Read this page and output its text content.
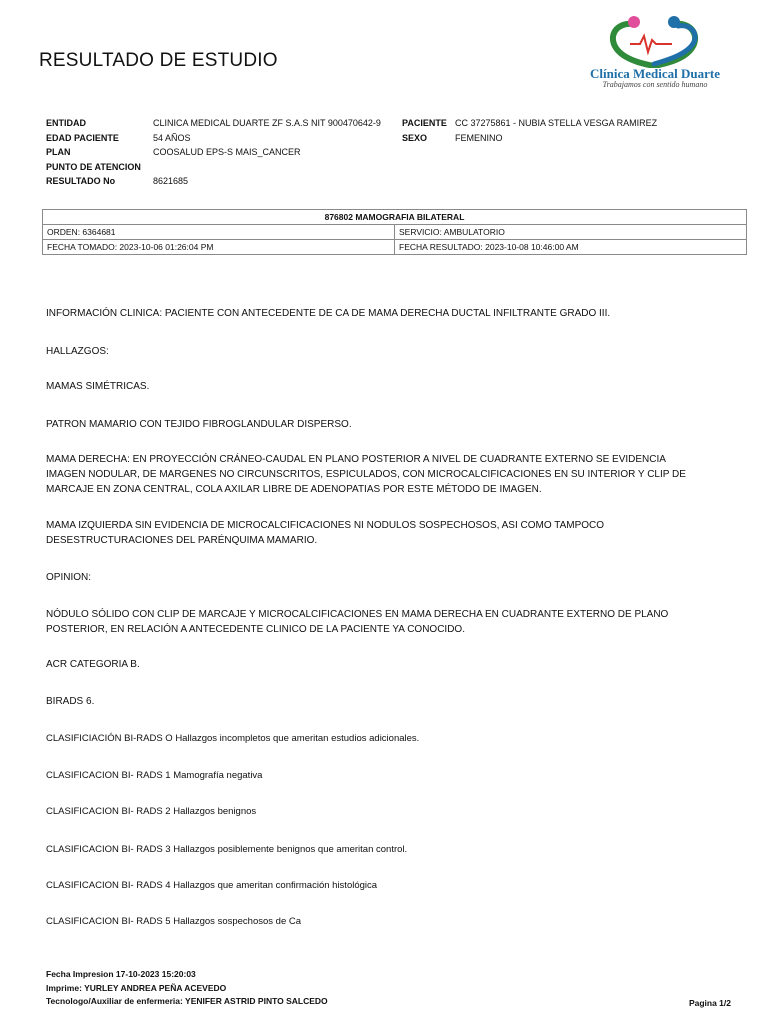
RESULTADO DE ESTUDIO
Clínica Medical Duarte
Trabajamos con sentido humano
ENTIDAD	CLINICA MEDICAL DUARTE ZF S.A.S NIT 900470642-9
EDAD PACIENTE	54 AÑOS
PLAN	COOSALUD EPS-S MAIS_CANCER
PUNTO DE ATENCION
RESULTADO No	8621685
PACIENTE CC 37275861 - NUBIA STELLA VESGA RAMIREZ
SEXO	FEMENINO
876802 MAMOGRAFIA BILATERAL	
ORDEN: 6364681	SERVICIO: AMBULATORIO
FECHA TOMADO: 2023-10-06 01:26:04 PM	FECHA RESULTADO: 2023-10-08 10:46:00 AM

INFORMACIÓN CLINICA: PACIENTE CON ANTECEDENTE DE CA DE MAMA DERECHA DUCTAL INFILTRANTE GRADO III.

HALLAZGOS:

MAMAS SIMÉTRICAS.

PATRON MAMARIO CON TEJIDO FIBROGLANDULAR DISPERSO.

MAMA DERECHA: EN PROYECCIÓN CRÁNEO-CAUDAL EN PLANO POSTERIOR A NIVEL DE CUADRANTE EXTERNO SE EVIDENCIA IMAGEN NODULAR, DE MARGENES NO CIRCUNSCRITOS, ESPICULADOS, CON MICROCALCIFICACIONES EN SU INTERIOR Y CLIP DE MARCAJE EN ZONA CENTRAL, COLA AXILAR LIBRE DE ADENOPATIAS POR ESTE MÉTODO DE IMAGEN.

MAMA IZQUIERDA SIN EVIDENCIA DE MICROCALCIFICACIONES NI NODULOS SOSPECHOSOS, ASI COMO TAMPOCO DESESTRUCTURACIONES DEL PARÉNQUIMA MAMARIO.

OPINION:

NÓDULO SÓLIDO CON CLIP DE MARCAJE Y MICROCALCIFICACIONES EN MAMA DERECHA EN CUADRANTE EXTERNO DE PLANO POSTERIOR, EN RELACIÓN A ANTECEDENTE CLINICO DE LA PACIENTE YA CONOCIDO.

ACR CATEGORIA B.

BIRADS 6.

CLASIFICIACIÓN BI-RADS O Hallazgos incompletos que ameritan estudios adicionales.

CLASIFICACION BI- RADS 1 Mamografía negativa

CLASIFICACION BI- RADS 2 Hallazgos benignos

CLASIFICACION BI- RADS 3 Hallazgos posiblemente benignos que ameritan control.

CLASIFICACION BI- RADS 4 Hallazgos que ameritan confirmación histológica

CLASIFICACION BI- RADS 5 Hallazgos sospechosos de Ca

Fecha Impresion 17-10-2023 15:20:03
Imprime: YURLEY ANDREA PEÑA ACEVEDO
Tecnologo/Auxiliar de enfermeria: YENIFER ASTRID PINTO SALCEDO	Pagina 1/2
